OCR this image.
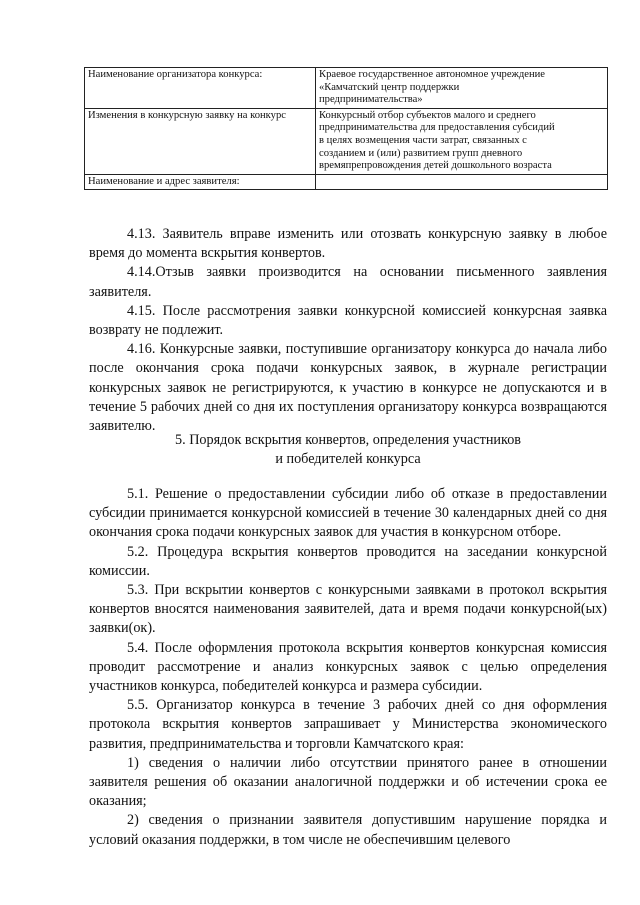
Наименование организатора конкурса:	Краевое государственное автономное учреждение
«Камчатский центр поддержки
предпринимательства»
Изменения в конкурсную заявку на конкурс	Конкурсный отбор субъектов малого и среднего
предпринимательства для предоставления субсидий
в целях возмещения части затрат, связанных с
созданием и (или) развитием групп дневного
времяпрепровождения детей дошкольного возраста
Наименование и адрес заявителя:	

4.13. Заявитель вправе изменить или отозвать конкурсную заявку в любое время до момента вскрытия конвертов.

4.14.Отзыв заявки производится на основании письменного заявления заявителя.

4.15. После рассмотрения заявки конкурсной комиссией конкурсная заявка возврату не подлежит.

4.16. Конкурсные заявки, поступившие организатору конкурса до начала либо после окончания срока подачи конкурсных заявок, в журнале регистрации конкурсных заявок не регистрируются, к участию в конкурсе не допускаются и в течение 5 рабочих дней со дня их поступления организатору конкурса возвращаются заявителю.

5. Порядок вскрытия конвертов, определения участников
и победителей конкурса

5.1. Решение о предоставлении субсидии либо об отказе в предоставлении субсидии принимается конкурсной комиссией в течение 30 календарных дней со дня окончания срока подачи конкурсных заявок для участия в конкурсном отборе.

5.2. Процедура вскрытия конвертов проводится на заседании конкурсной комиссии.

5.3. При вскрытии конвертов с конкурсными заявками в протокол вскрытия конвертов вносятся наименования заявителей, дата и время подачи конкурсной(ых) заявки(ок).

5.4. После оформления протокола вскрытия конвертов конкурсная комиссия проводит рассмотрение и анализ конкурсных заявок с целью определения участников конкурса, победителей конкурса и размера субсидии.

5.5. Организатор конкурса в течение 3 рабочих дней со дня оформления протокола вскрытия конвертов запрашивает у Министерства экономического развития, предпринимательства и торговли Камчатского края:

1) сведения о наличии либо отсутствии принятого ранее в отношении заявителя решения об оказании аналогичной поддержки и об истечении срока ее оказания;

2) сведения о признании заявителя допустившим нарушение порядка и условий оказания поддержки, в том числе не обеспечившим целевого
